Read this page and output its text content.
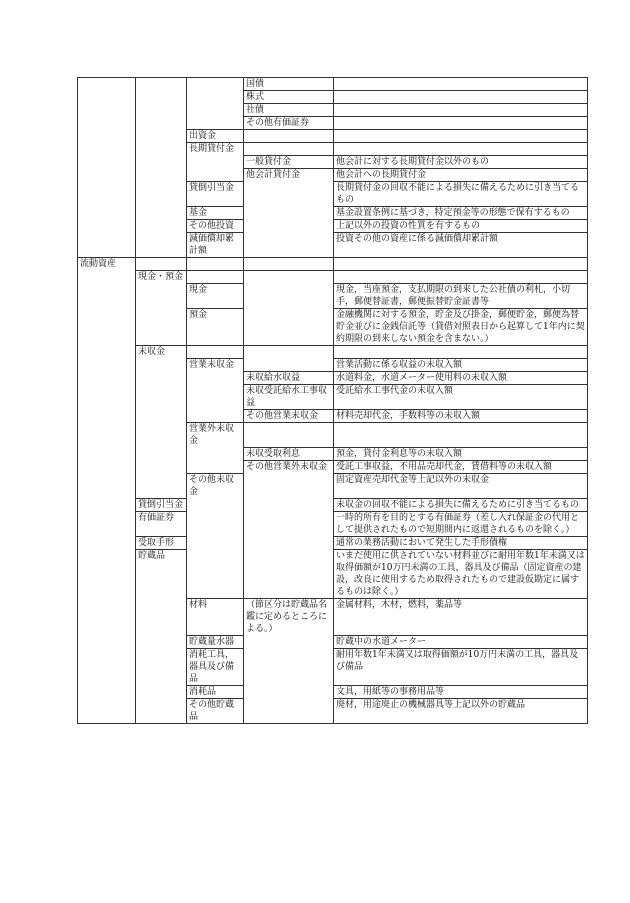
			国債	
			株式	
			社債	
			その他有価証券	
		出資金		
		長期貸付金		
			一般貸付金	他会計に対する長期貸付金以外のもの
			他会計貸付金	他会計への長期貸付金
		貸倒引当金		長期貸付金の回収不能による損失に備えるために引き当てるもの
		基金		基金設置条例に基づき，特定預金等の形態で保有するもの
		その他投資		上記以外の投資の性質を有するもの
		減価償却累計額		投資その他の資産に係る減価償却累計額
流動資産				
	現金・預金			
		現金		現金，当座預金，支払期限の到来した公社債の利札，小切手，郵便替証書，郵便振替貯金証書等
		預金		金融機関に対する預金，貯金及び掛金，郵便貯金，郵便為替貯金並びに金銭信託等（貸借対照表日から起算して1年内に契約期限の到来しない預金を含まない。）
	未収金			
		営業未収金		営業活動に係る収益の未収入額
			未収給水収益	水道料金，水道メーター使用料の未収入額
			未収受託給水工事収益	受託給水工事代金の未収入額
			その他営業未収金	材料売却代金，手数料等の未収入額
		営業外未収金		
			未収受取利息	預金，貸付金利息等の未収入額
			その他営業外未収金	受託工事収益，不用品売却代金，賃借料等の未収入額
		その他未収金		固定資産売却代金等上記以外の未収金
	貸倒引当金			未収金の回収不能による損失に備えるために引き当てるもの
	有価証券			一時的所有を目的とする有価証券（差し入れ保証金の代用として提供されたもので短期間内に返還されるものを除く。）
	受取手形			通常の業務活動において発生した手形債権
	貯蔵品			いまだ使用に供されていない材料並びに耐用年数1年未満又は取得価額が10万円未満の工具，器具及び備品（固定資産の建設，改良に使用するため取得されたもので建設仮勘定に属するものは除く。）
		材料	（節区分は貯蔵品名鑑に定めるところによる。）	金属材料，木材，燃料，薬品等
		貯蔵量水器		貯蔵中の水道メーター
		消耗工具，器具及び備品		耐用年数1年未満又は取得価額が10万円未満の工具，器具及び備品
		消耗品		文具，用紙等の事務用品等
		その他貯蔵品		廃材，用途廃止の機械器具等上記以外の貯蔵品
